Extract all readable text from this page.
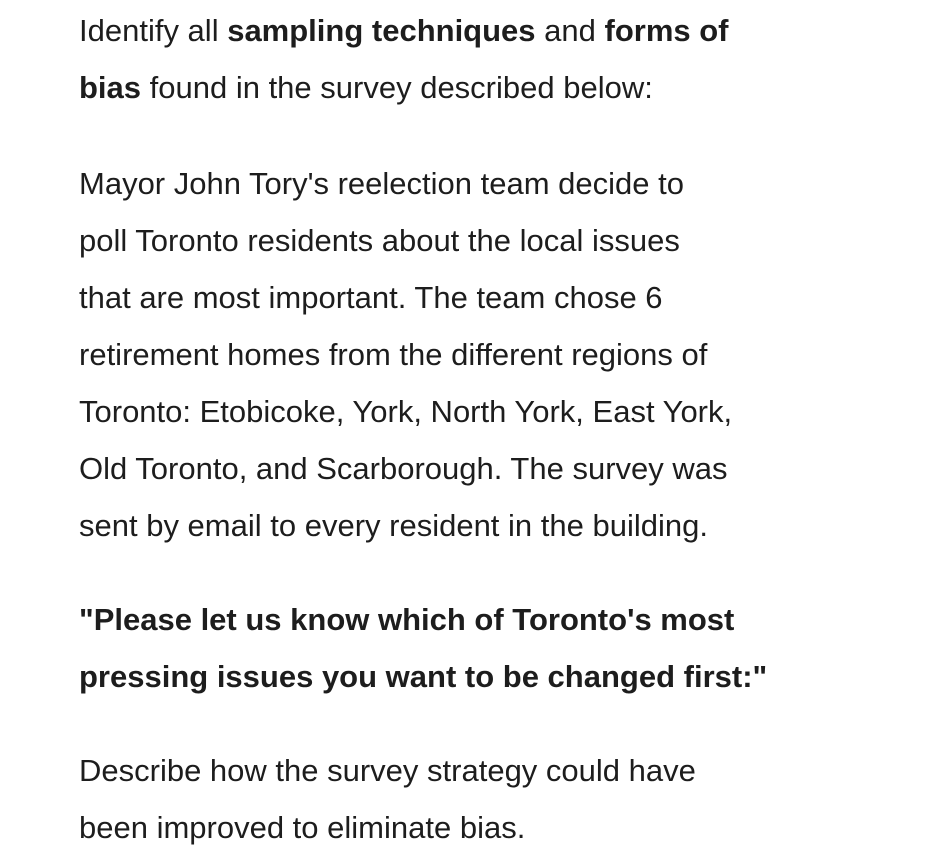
Identify all sampling techniques and forms of
bias found in the survey described below:

Mayor John Tory's reelection team decide to
poll Toronto residents about the local issues
that are most important. The team chose 6
retirement homes from the different regions of
Toronto: Etobicoke, York, North York, East York,
Old Toronto, and Scarborough. The survey was
sent by email to every resident in the building.

"Please let us know which of Toronto's most
pressing issues you want to be changed first:"

Describe how the survey strategy could have
been improved to eliminate bias.
